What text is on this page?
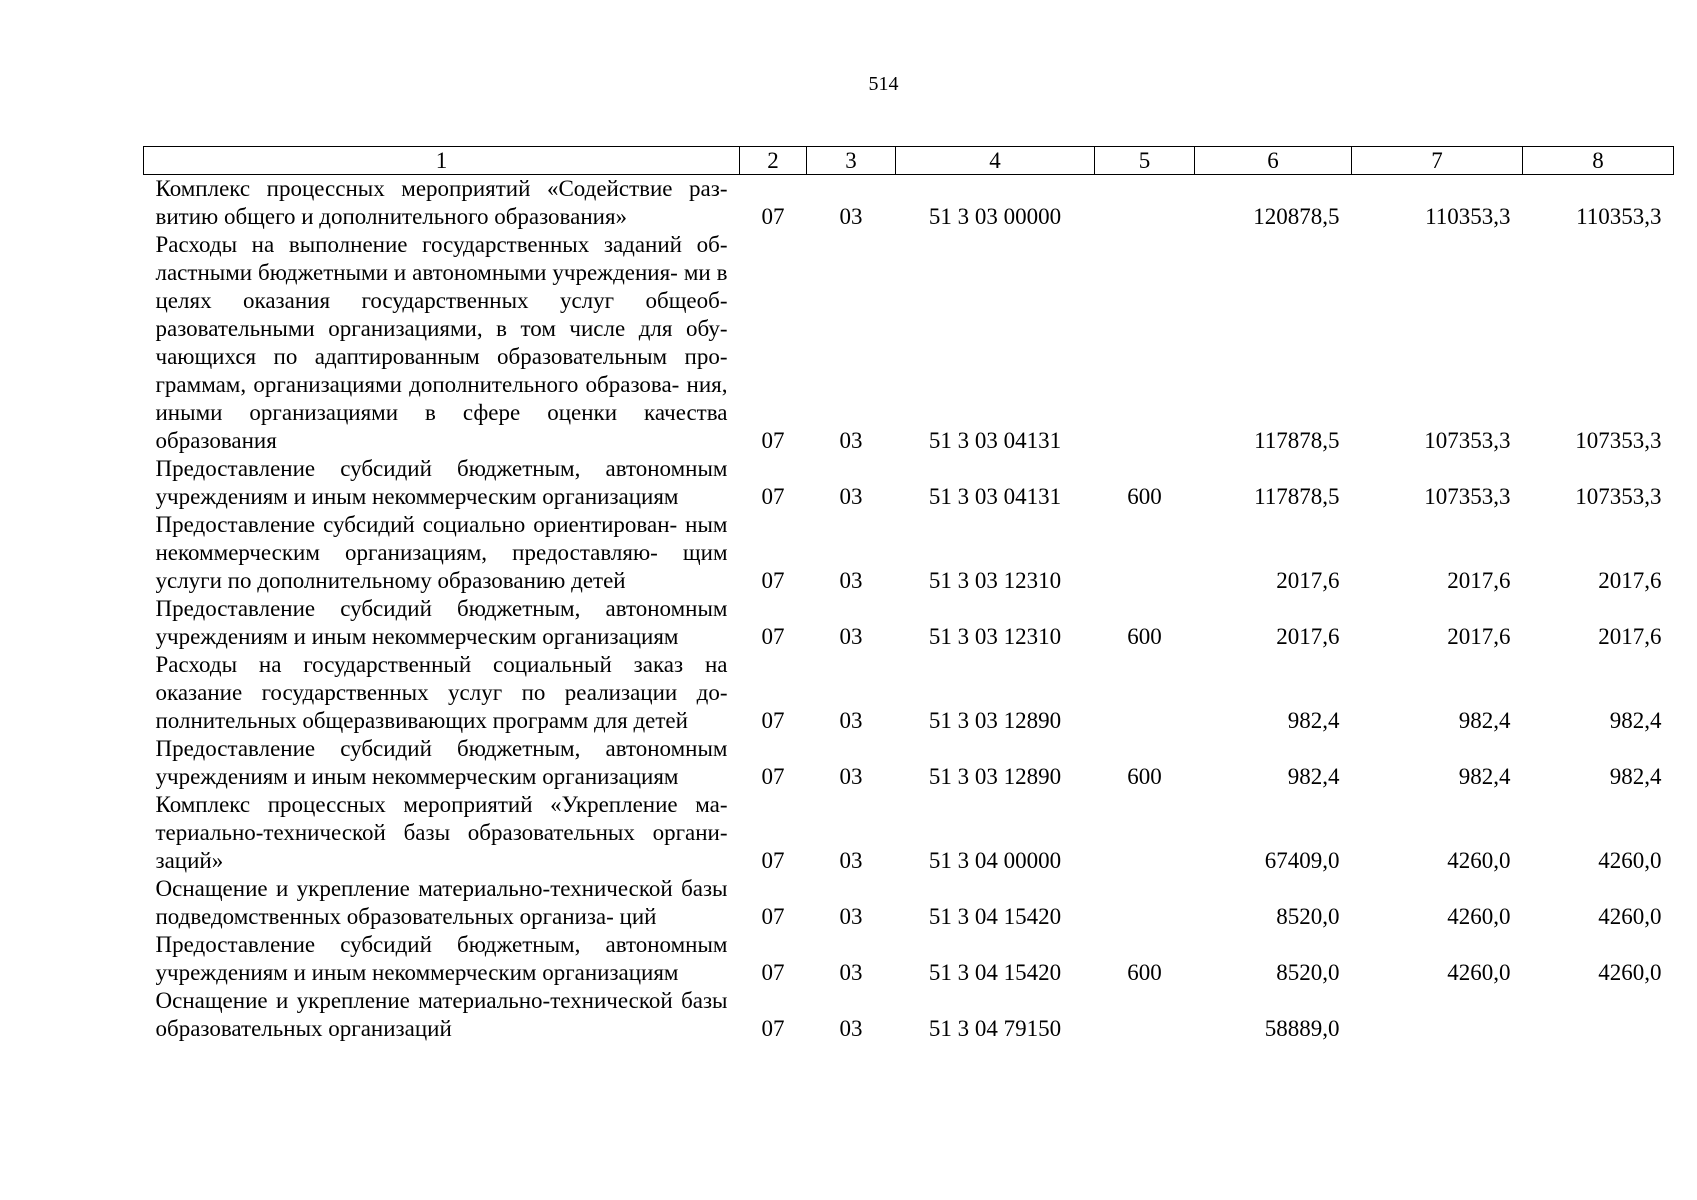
514
1	2	3	4	5	6	7	8
Комплекс процессных мероприятий «Содействие раз- витию общего и дополнительного образования»	07	03	51 3 03 00000		120878,5	110353,3	110353,3
Расходы на выполнение государственных заданий об- ластными бюджетными и автономными учреждения- ми в целях оказания государственных услуг общеоб- разовательными организациями, в том числе для обу- чающихся по адаптированным образовательным про- граммам, организациями дополнительного образова- ния, иными организациями в сфере оценки качества образования	07	03	51 3 03 04131		117878,5	107353,3	107353,3
Предоставление субсидий бюджетным, автономным учреждениям и иным некоммерческим организациям	07	03	51 3 03 04131	600	117878,5	107353,3	107353,3
Предоставление субсидий социально ориентирован- ным некоммерческим организациям, предоставляю- щим услуги по дополнительному образованию детей	07	03	51 3 03 12310		2017,6	2017,6	2017,6
Предоставление субсидий бюджетным, автономным учреждениям и иным некоммерческим организациям	07	03	51 3 03 12310	600	2017,6	2017,6	2017,6
Расходы на государственный социальный заказ на оказание государственных услуг по реализации до- полнительных общеразвивающих программ для детей	07	03	51 3 03 12890		982,4	982,4	982,4
Предоставление субсидий бюджетным, автономным учреждениям и иным некоммерческим организациям	07	03	51 3 03 12890	600	982,4	982,4	982,4
Комплекс процессных мероприятий «Укрепление ма- териально-технической базы образовательных органи- заций»	07	03	51 3 04 00000		67409,0	4260,0	4260,0
Оснащение и укрепление материально-технической базы подведомственных образовательных организа- ций	07	03	51 3 04 15420		8520,0	4260,0	4260,0
Предоставление субсидий бюджетным, автономным учреждениям и иным некоммерческим организациям	07	03	51 3 04 15420	600	8520,0	4260,0	4260,0
Оснащение и укрепление материально-технической базы образовательных организаций	07	03	51 3 04 79150		58889,0		
